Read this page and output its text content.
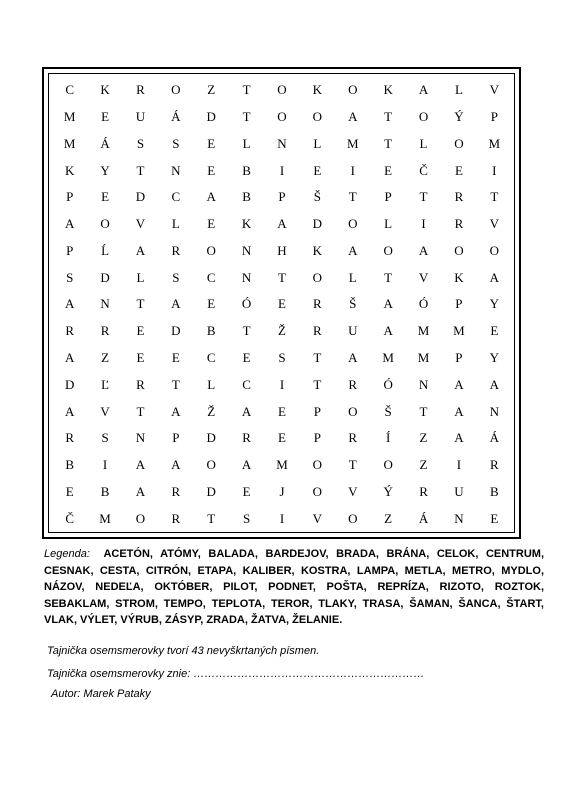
C	K	R	O	Z	T	O	K	O	K	A	L	V
M	E	U	Á	D	T	O	O	A	T	O	Ý	P
M	Á	S	S	E	L	N	L	M	T	L	O	M
K	Y	T	N	E	B	I	E	I	E	Č	E	I
P	E	D	C	A	B	P	Š	T	P	T	R	T
A	O	V	L	E	K	A	D	O	L	I	R	V
P	Ĺ	A	R	O	N	H	K	A	O	A	O	O
S	D	L	S	C	N	T	O	L	T	V	K	A
A	N	T	A	E	Ó	E	R	Š	A	Ó	P	Y
R	R	E	D	B	T	Ž	R	U	A	M	M	E
A	Z	E	E	C	E	S	T	A	M	M	P	Y
D	Ľ	R	T	L	C	I	T	R	Ó	N	A	A
A	V	T	A	Ž	A	E	P	O	Š	T	A	N
R	S	N	P	D	R	E	P	R	Í	Z	A	Á
B	I	A	A	O	A	M	O	T	O	Z	I	R
E	B	A	R	D	E	J	O	V	Ý	R	U	B
Č	M	O	R	T	S	I	V	O	Z	Á	N	E
Legenda: ACETÓN, ATÓMY, BALADA, BARDEJOV, BRADA, BRÁNA, CELOK, CENTRUM, CESNAK, CESTA, CITRÓN, ETAPA, KALIBER, KOSTRA, LAMPA, METLA, METRO, MYDLO, NÁZOV, NEDEĽA, OKTÓBER, PILOT, PODNET, POŠTA, REPRÍZA, RIZOTO, ROZTOK, SEBAKLAM, STROM, TEMPO, TEPLOTA, TEROR, TLAKY, TRASA, ŠAMAN, ŠANCA, ŠTART, VLAK, VÝLET, VÝRUB, ZÁSYP, ZRADA, ŽATVA, ŽELANIE.
Tajnička osemsmerovky tvorí 43 nevyškrtaných písmen.
Tajnička osemsmerovky znie: ………………………………………………………
Autor: Marek Pataky
